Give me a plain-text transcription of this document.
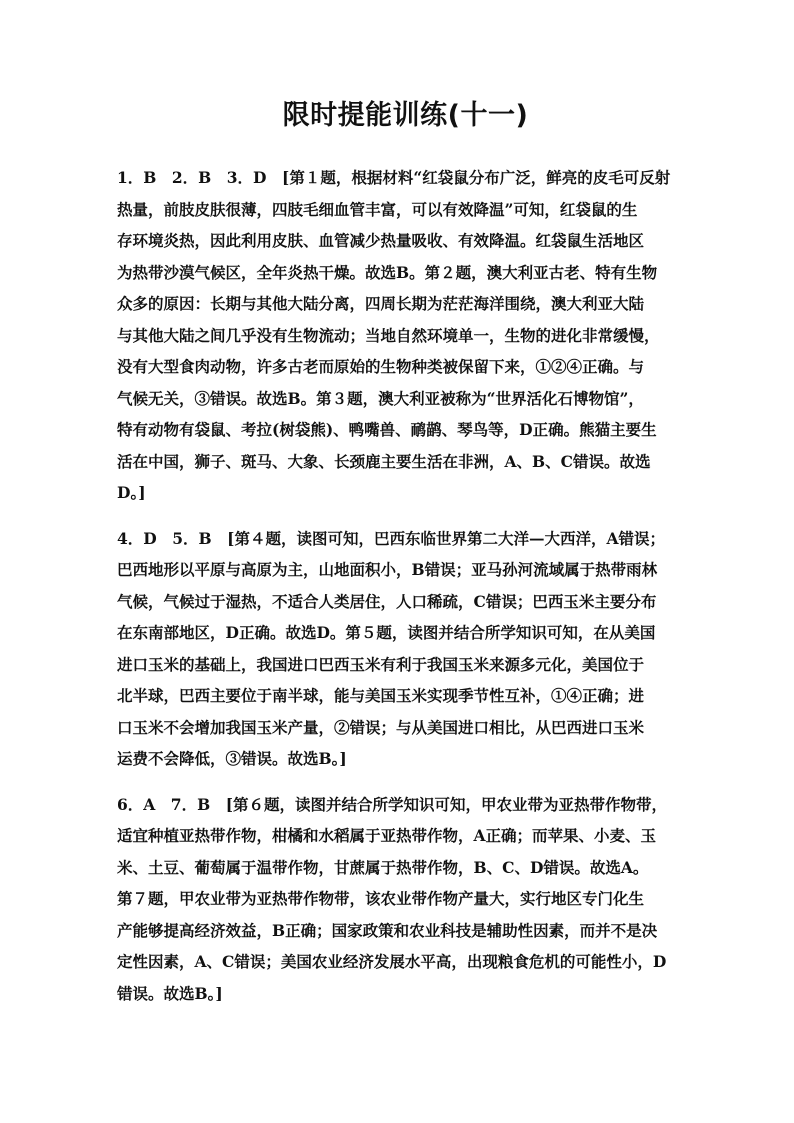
限时提能训练(十一)
1．B　2．B　3．D　[第１题，根据材料“红袋鼠分布广泛，鲜亮的皮毛可反射
热量，前肢皮肤很薄，四肢毛细血管丰富，可以有效降温”可知，红袋鼠的生
存环境炎热，因此利用皮肤、血管减少热量吸收、有效降温。红袋鼠生活地区
为热带沙漠气候区，全年炎热干燥。故选B。第２题，澳大利亚古老、特有生物
众多的原因：长期与其他大陆分离，四周长期为茫茫海洋围绕，澳大利亚大陆
与其他大陆之间几乎没有生物流动；当地自然环境单一，生物的进化非常缓慢，
没有大型食肉动物，许多古老而原始的生物种类被保留下来，①②④正确。与
气候无关，③错误。故选B。第３题，澳大利亚被称为“世界活化石博物馆”，
特有动物有袋鼠、考拉(树袋熊)、鸭嘴兽、鸸鹋、琴鸟等，D正确。熊猫主要生
活在中国，狮子、斑马、大象、长颈鹿主要生活在非洲，A、B、C错误。故选
D。]
4．D　5．B　[第４题，读图可知，巴西东临世界第二大洋—大西洋，A错误；
巴西地形以平原与高原为主，山地面积小，B错误；亚马孙河流域属于热带雨林
气候，气候过于湿热，不适合人类居住，人口稀疏，C错误；巴西玉米主要分布
在东南部地区，D正确。故选D。第５题，读图并结合所学知识可知，在从美国
进口玉米的基础上，我国进口巴西玉米有利于我国玉米来源多元化，美国位于
北半球，巴西主要位于南半球，能与美国玉米实现季节性互补，①④正确；进
口玉米不会增加我国玉米产量，②错误；与从美国进口相比，从巴西进口玉米
运费不会降低，③错误。故选B。]
6．A　7．B　[第６题，读图并结合所学知识可知，甲农业带为亚热带作物带，
适宜种植亚热带作物，柑橘和水稻属于亚热带作物，A正确；而苹果、小麦、玉
米、土豆、葡萄属于温带作物，甘蔗属于热带作物，B、C、D错误。故选A。
第７题，甲农业带为亚热带作物带，该农业带作物产量大，实行地区专门化生
产能够提高经济效益，B正确；国家政策和农业科技是辅助性因素，而并不是决
定性因素，A、C错误；美国农业经济发展水平高，出现粮食危机的可能性小，D
错误。故选B。]
